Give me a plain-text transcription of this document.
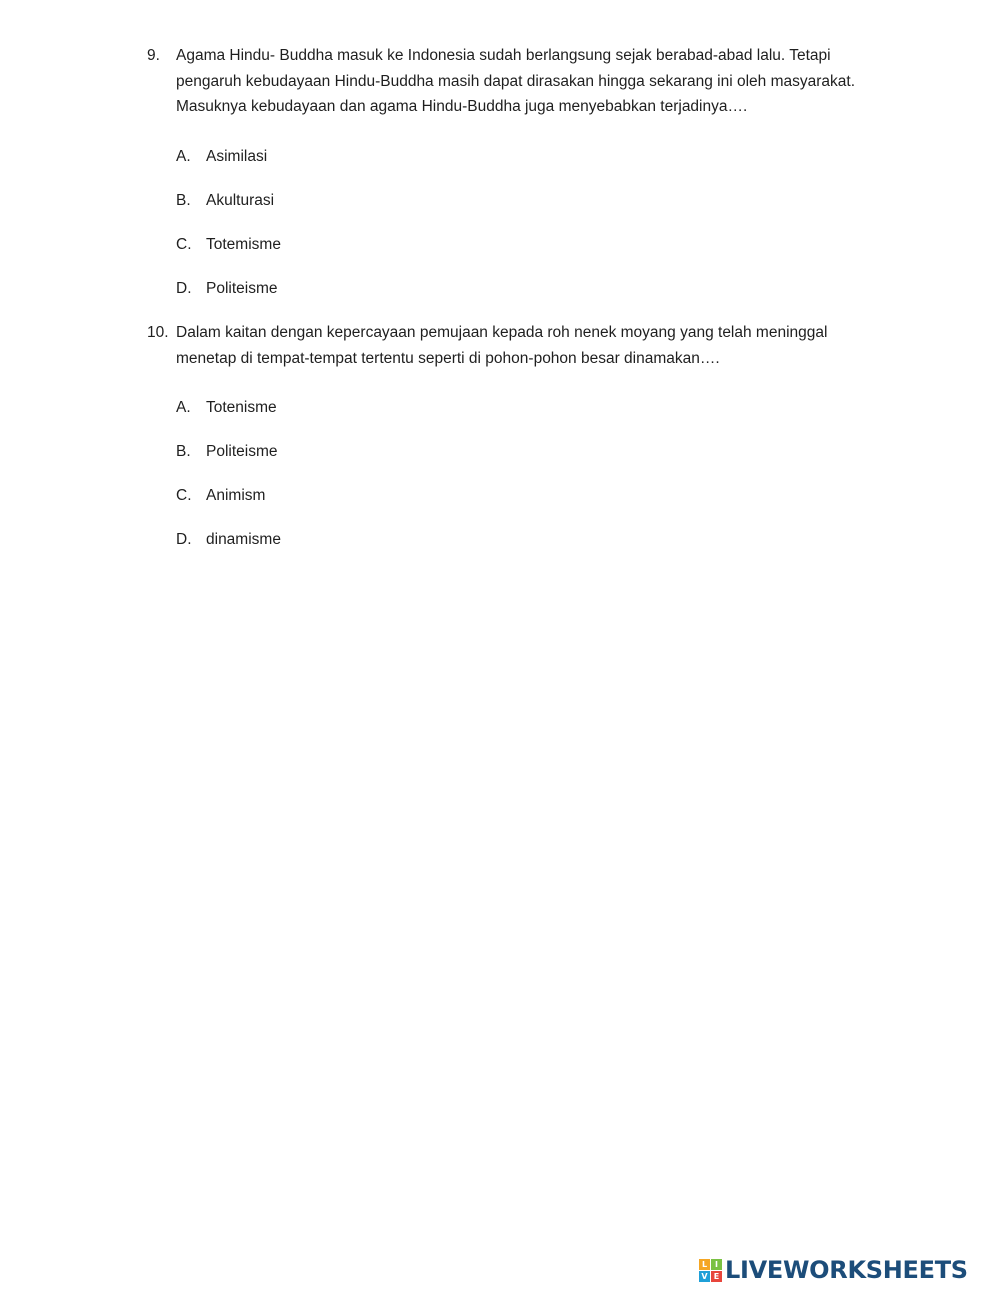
9. Agama Hindu- Buddha masuk ke Indonesia sudah berlangsung sejak berabad-abad lalu. Tetapi pengaruh kebudayaan Hindu-Buddha masih dapat dirasakan hingga sekarang ini oleh masyarakat. Masuknya kebudayaan dan agama Hindu-Buddha juga menyebabkan terjadinya….
A. Asimilasi
B. Akulturasi
C. Totemisme
D. Politeisme
10. Dalam kaitan dengan kepercayaan pemujaan kepada roh nenek moyang yang telah meninggal menetap di tempat-tempat tertentu seperti di pohon-pohon besar dinamakan….
A. Totenisme
B. Politeisme
C. Animism
D. dinamisme
L I
V E LIVEWORKSHEETS
